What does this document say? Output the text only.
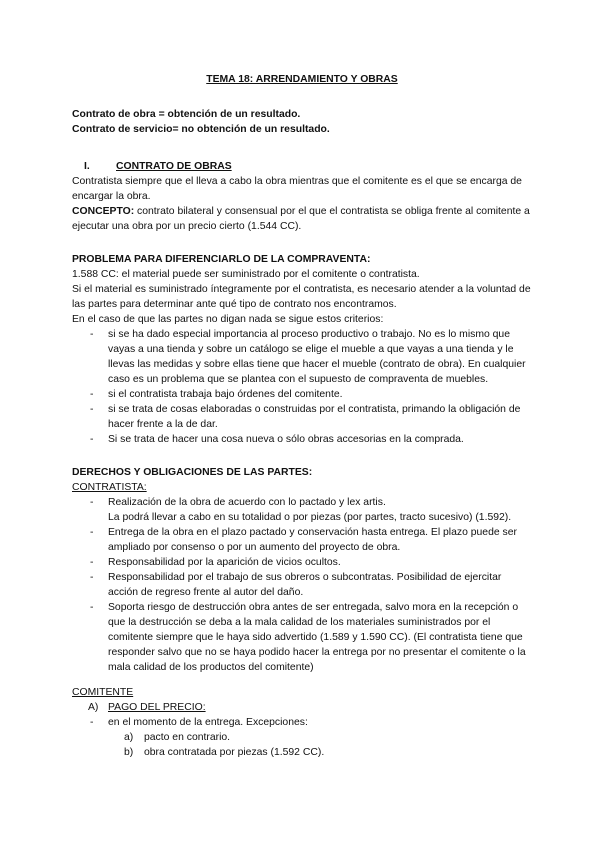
TEMA 18: ARRENDAMIENTO Y OBRAS

Contrato de obra = obtención de un resultado.

Contrato de servicio= no obtención de un resultado.

I.	CONTRATO DE OBRAS

Contratista siempre que el lleva a cabo la obra mientras que el comitente es el que se encarga de encargar la obra.

CONCEPTO: contrato bilateral y consensual por el que el contratista se obliga frente al comitente a ejecutar una obra por un precio cierto (1.544 CC).

PROBLEMA PARA DIFERENCIARLO DE LA COMPRAVENTA:

1.588 CC: el material puede ser suministrado por el comitente o contratista.

Si el material es suministrado íntegramente por el contratista, es necesario atender a la voluntad de las partes para determinar ante qué tipo de contrato nos encontramos.

En el caso de que las partes no digan nada se sigue estos criterios:

-	si se ha dado especial importancia al proceso productivo o trabajo. No es lo mismo que vayas a una tienda y sobre un catálogo se elige el mueble a que vayas a una tienda y le llevas las medidas y sobre ellas tiene que hacer el mueble (contrato de obra). En cualquier caso es un problema que se plantea con el supuesto de compraventa de muebles.
-	si el contratista trabaja bajo órdenes del comitente.
-	si se trata de cosas elaboradas o construidas por el contratista, primando la obligación de hacer frente a la de dar.
-	Si se trata de hacer una cosa nueva o sólo obras accesorias en la comprada.
DERECHOS Y OBLIGACIONES DE LAS PARTES:

CONTRATISTA:

-	Realización de la obra de acuerdo con lo pactado y lex artis.
La podrá llevar a cabo en su totalidad o por piezas (por partes, tracto sucesivo) (1.592).
-	Entrega de la obra en el plazo pactado y conservación hasta entrega. El plazo puede ser ampliado por consenso o por un aumento del proyecto de obra.
-	Responsabilidad por la aparición de vicios ocultos.
-	Responsabilidad por el trabajo de sus obreros o subcontratas. Posibilidad de ejercitar acción de regreso frente al autor del daño.
-	Soporta riesgo de destrucción obra antes de ser entregada, salvo mora en la recepción o que la destrucción se deba a la mala calidad de los materiales suministrados por el comitente siempre que le haya sido advertido (1.589 y 1.590 CC). (El contratista tiene que responder salvo que no se haya podido hacer la entrega por no presentar el comitente o la mala calidad de los productos del comitente)

COMITENTE

A) PAGO DEL PRECIO:
-	en el momento de la entrega. Excepciones:
a)	pacto en contrario.
b)	obra contratada por piezas (1.592 CC).
